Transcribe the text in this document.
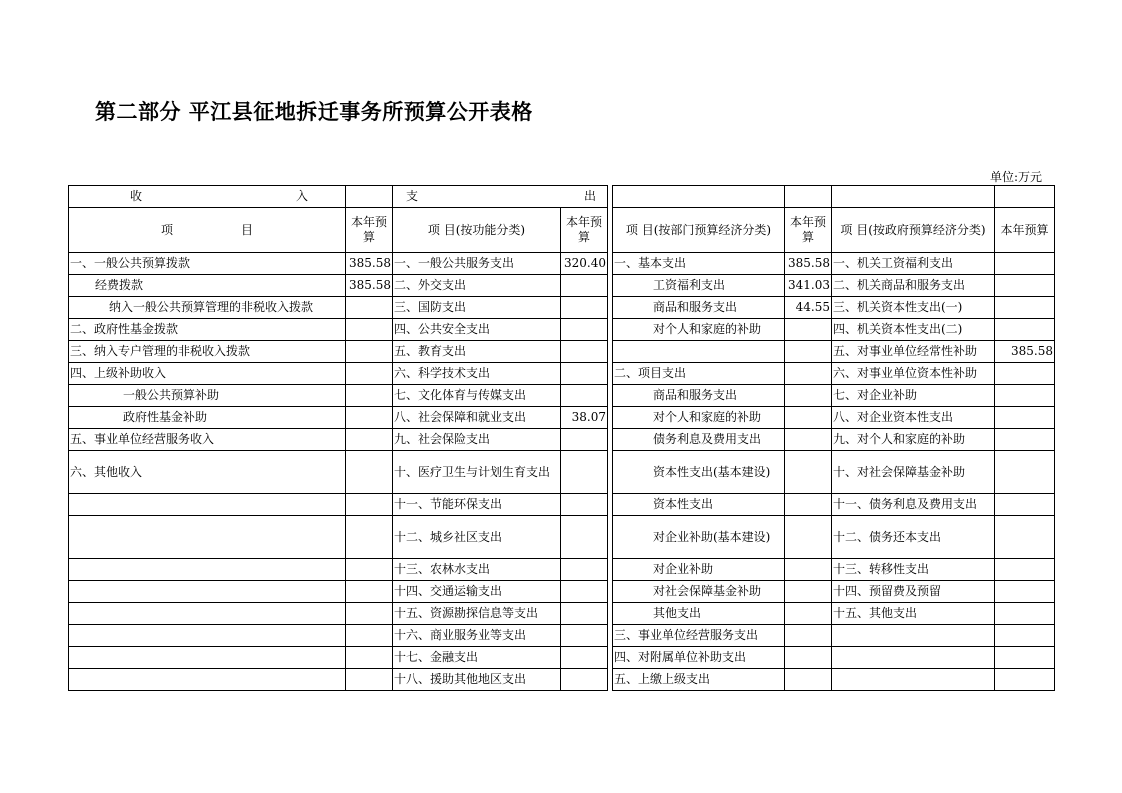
第二部分 平江县征地拆迁事务所预算公开表格
单位:万元
收 入		支 出						

项 目	本年预算	项 目(按功能分类)	本年预算		项 目(按部门预算经济分类)	本年预算	项 目(按政府预算经济分类)	本年预算
一、一般公共预算拨款	385.58	一、一般公共服务支出	320.40		一、基本支出	385.58	一、机关工资福利支出	
经费拨款	385.58	二、外交支出			工资福利支出	341.03	二、机关商品和服务支出	
纳入一般公共预算管理的非税收入拨款		三、国防支出			商品和服务支出	44.55	三、机关资本性支出(一)	
二、政府性基金拨款		四、公共安全支出			对个人和家庭的补助		四、机关资本性支出(二)	
三、纳入专户管理的非税收入拨款		五、教育支出					五、对事业单位经常性补助	385.58
四、上级补助收入		六、科学技术支出			二、项目支出		六、对事业单位资本性补助	
一般公共预算补助		七、文化体育与传媒支出			商品和服务支出		七、对企业补助	
政府性基金补助		八、社会保障和就业支出	38.07		对个人和家庭的补助		八、对企业资本性支出	
五、事业单位经营服务收入		九、社会保险支出			债务利息及费用支出		九、对个人和家庭的补助	
六、其他收入		十、医疗卫生与计划生育支出			资本性支出(基本建设)		十、对社会保障基金补助	
		十一、节能环保支出			资本性支出		十一、债务利息及费用支出	
		十二、城乡社区支出			对企业补助(基本建设)		十二、债务还本支出	
		十三、农林水支出			对企业补助		十三、转移性支出	
		十四、交通运输支出			对社会保障基金补助		十四、预留费及预留	
		十五、资源勘探信息等支出			其他支出		十五、其他支出	
		十六、商业服务业等支出			三、事业单位经营服务支出			
		十七、金融支出			四、对附属单位补助支出			
		十八、援助其他地区支出			五、上缴上级支出			
